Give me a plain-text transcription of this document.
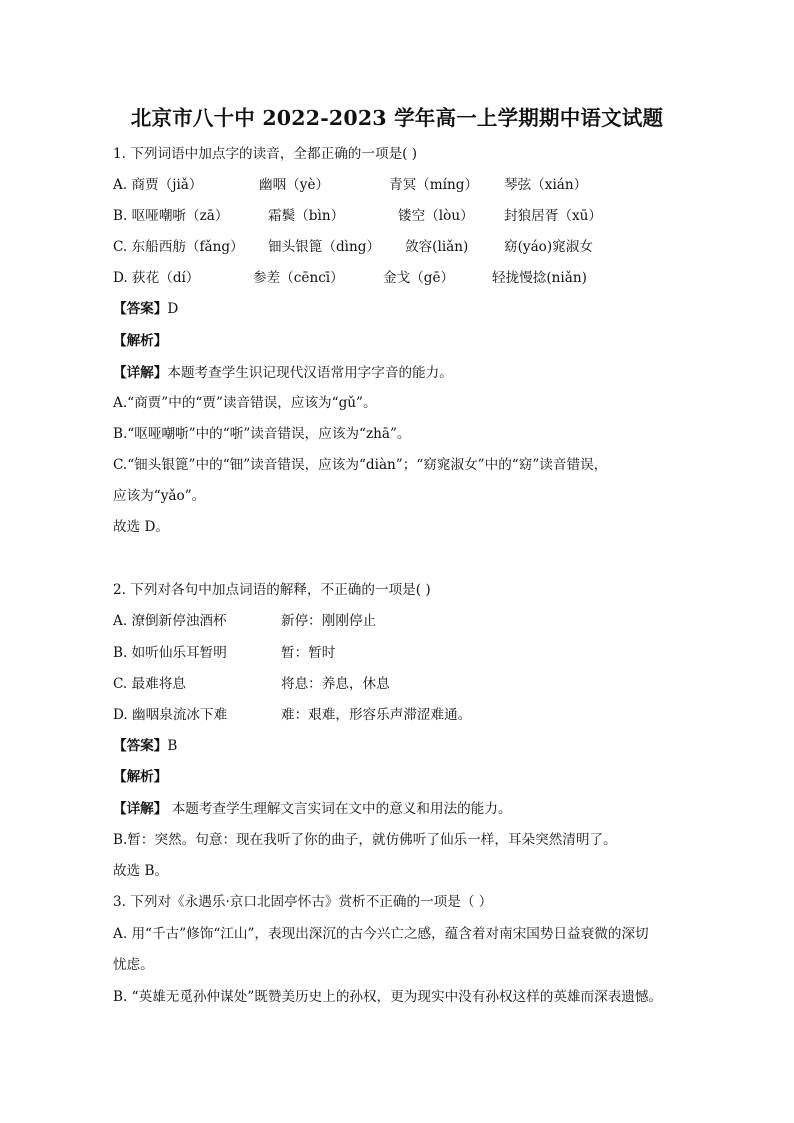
北京市八十中 2022-2023 学年高一上学期期中语文试题
1. 下列词语中加点字的读音，全都正确的一项是( )
A. 商贾（jiǎ）	幽咽（yè）	青冥（míng） 琴弦（xián）
B. 呕哑嘲哳（zā）	霜鬓（bìn）	镂空（lòu） 封狼居胥（xū）
C. 东船西舫（fǎng） 钿头银篦（dìng） 敛容(liǎn)	窈(yáo)窕淑女
D. 荻花（dí）	参差（cēncī）	金戈（gē）	轻拢慢捻(niǎn)
【答案】D
【解析】
【详解】本题考查学生识记现代汉语常用字字音的能力。
A.“商贾”中的“贾”读音错误，应该为“gǔ”。
B.“呕哑嘲哳”中的“哳”读音错误，应该为“zhā”。
C.“钿头银篦”中的“钿”读音错误，应该为“diàn”；“窈窕淑女”中的“窈”读音错误，
应该为“yǎo”。
故选 D。
2. 下列对各句中加点词语的解释，不正确的一项是( )
A. 潦倒新停浊酒杯	新停：刚刚停止
B. 如听仙乐耳暂明	暂：暂时
C. 最难将息	将息：养息，休息
D. 幽咽泉流冰下难	难：艰难，形容乐声滞涩难通。
【答案】B
【解析】
【详解】 本题考查学生理解文言实词在文中的意义和用法的能力。
B.暂：突然。句意：现在我听了你的曲子，就仿佛听了仙乐一样，耳朵突然清明了。
故选 B。
3. 下列对《永遇乐·京口北固亭怀古》赏析不正确的一项是（ ）
A. 用“千古”修饰“江山”，表现出深沉的古今兴亡之感，蕴含着对南宋国势日益衰微的深切
忧虑。
B. “英雄无觅孙仲谋处”既赞美历史上的孙权，更为现实中没有孙权这样的英雄而深表遗憾。
